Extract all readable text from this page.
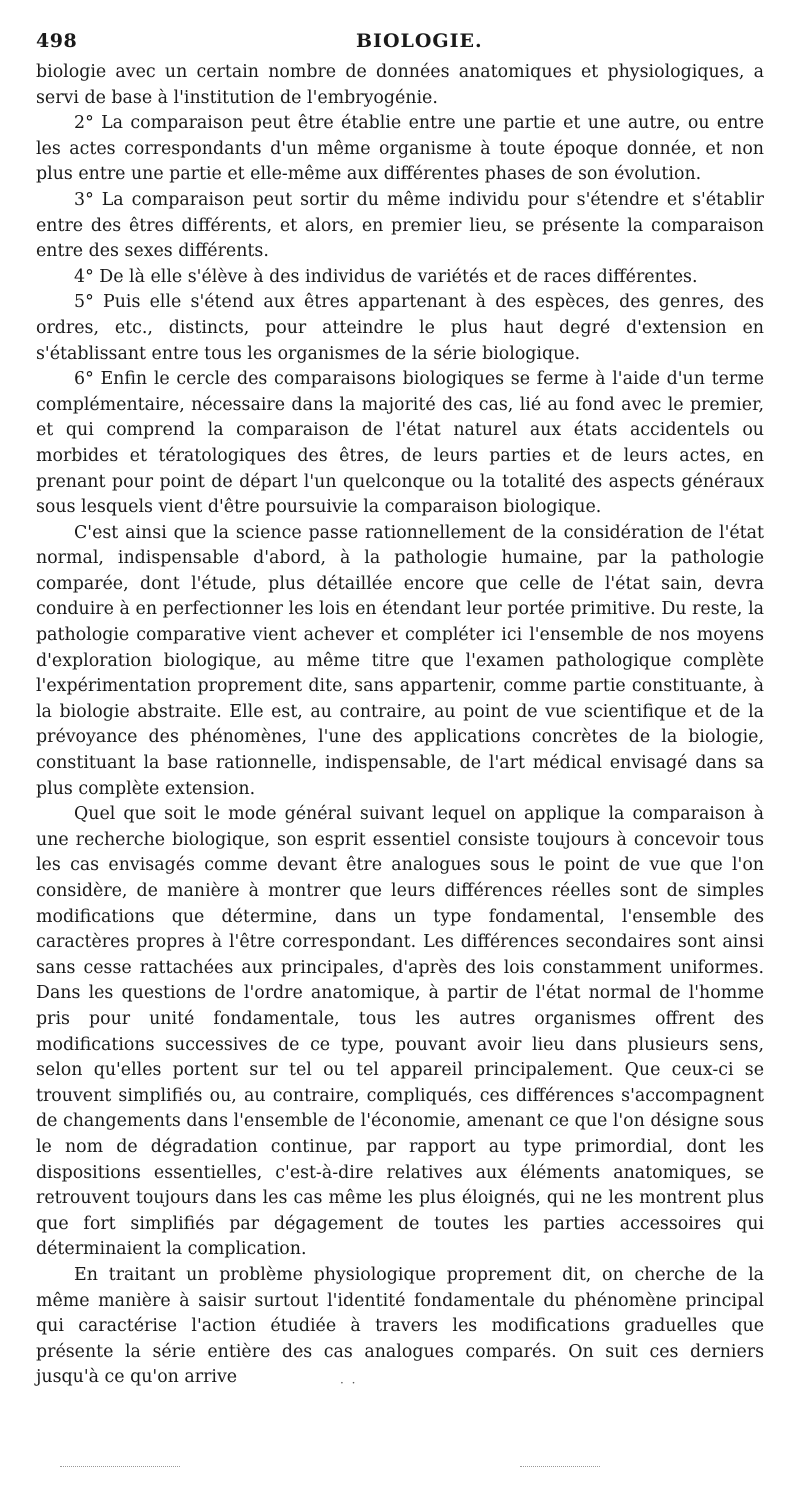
498	BIOLOGIE.

biologie avec un certain nombre de données anatomiques et physiologiques, a servi de base à l'institution de l'embryogénie.

2° La comparaison peut être établie entre une partie et une autre, ou entre les actes correspondants d'un même organisme à toute époque donnée, et non plus entre une partie et elle-même aux différentes phases de son évolution.

3° La comparaison peut sortir du même individu pour s'étendre et s'établir entre des êtres différents, et alors, en premier lieu, se présente la comparaison entre des sexes différents.

4° De là elle s'élève à des individus de variétés et de races différentes.

5° Puis elle s'étend aux êtres appartenant à des espèces, des genres, des ordres, etc., distincts, pour atteindre le plus haut degré d'extension en s'établissant entre tous les organismes de la série biologique.

6° Enfin le cercle des comparaisons biologiques se ferme à l'aide d'un terme complémentaire, nécessaire dans la majorité des cas, lié au fond avec le premier, et qui comprend la comparaison de l'état naturel aux états accidentels ou morbides et tératologiques des êtres, de leurs parties et de leurs actes, en prenant pour point de départ l'un quelconque ou la totalité des aspects généraux sous lesquels vient d'être poursuivie la comparaison biologique.

C'est ainsi que la science passe rationnellement de la considération de l'état normal, indispensable d'abord, à la pathologie humaine, par la pathologie comparée, dont l'étude, plus détaillée encore que celle de l'état sain, devra conduire à en perfectionner les lois en étendant leur portée primitive. Du reste, la pathologie comparative vient achever et compléter ici l'ensemble de nos moyens d'exploration biologique, au même titre que l'examen pathologique complète l'expérimentation proprement dite, sans appartenir, comme partie constituante, à la biologie abstraite. Elle est, au contraire, au point de vue scientifique et de la prévoyance des phénomènes, l'une des applications concrètes de la biologie, constituant la base rationnelle, indispensable, de l'art médical envisagé dans sa plus complète extension.

Quel que soit le mode général suivant lequel on applique la comparaison à une recherche biologique, son esprit essentiel consiste toujours à concevoir tous les cas envisagés comme devant être analogues sous le point de vue que l'on considère, de manière à montrer que leurs différences réelles sont de simples modifications que détermine, dans un type fondamental, l'ensemble des caractères propres à l'être correspondant. Les différences secondaires sont ainsi sans cesse rattachées aux principales, d'après des lois constamment uniformes. Dans les questions de l'ordre anatomique, à partir de l'état normal de l'homme pris pour unité fondamentale, tous les autres organismes offrent des modifications successives de ce type, pouvant avoir lieu dans plusieurs sens, selon qu'elles portent sur tel ou tel appareil principalement. Que ceux-ci se trouvent simplifiés ou, au contraire, compliqués, ces différences s'accompagnent de changements dans l'ensemble de l'économie, amenant ce que l'on désigne sous le nom de dégradation continue, par rapport au type primordial, dont les dispositions essentielles, c'est-à-dire relatives aux éléments anatomiques, se retrouvent toujours dans les cas même les plus éloignés, qui ne les montrent plus que fort simplifiés par dégagement de toutes les parties accessoires qui déterminaient la complication.

En traitant un problème physiologique proprement dit, on cherche de la même manière à saisir surtout l'identité fondamentale du phénomène principal qui caractérise l'action étudiée à travers les modifications graduelles que présente la série entière des cas analogues comparés. On suit ces derniers jusqu'à ce qu'on arrive	· ·
